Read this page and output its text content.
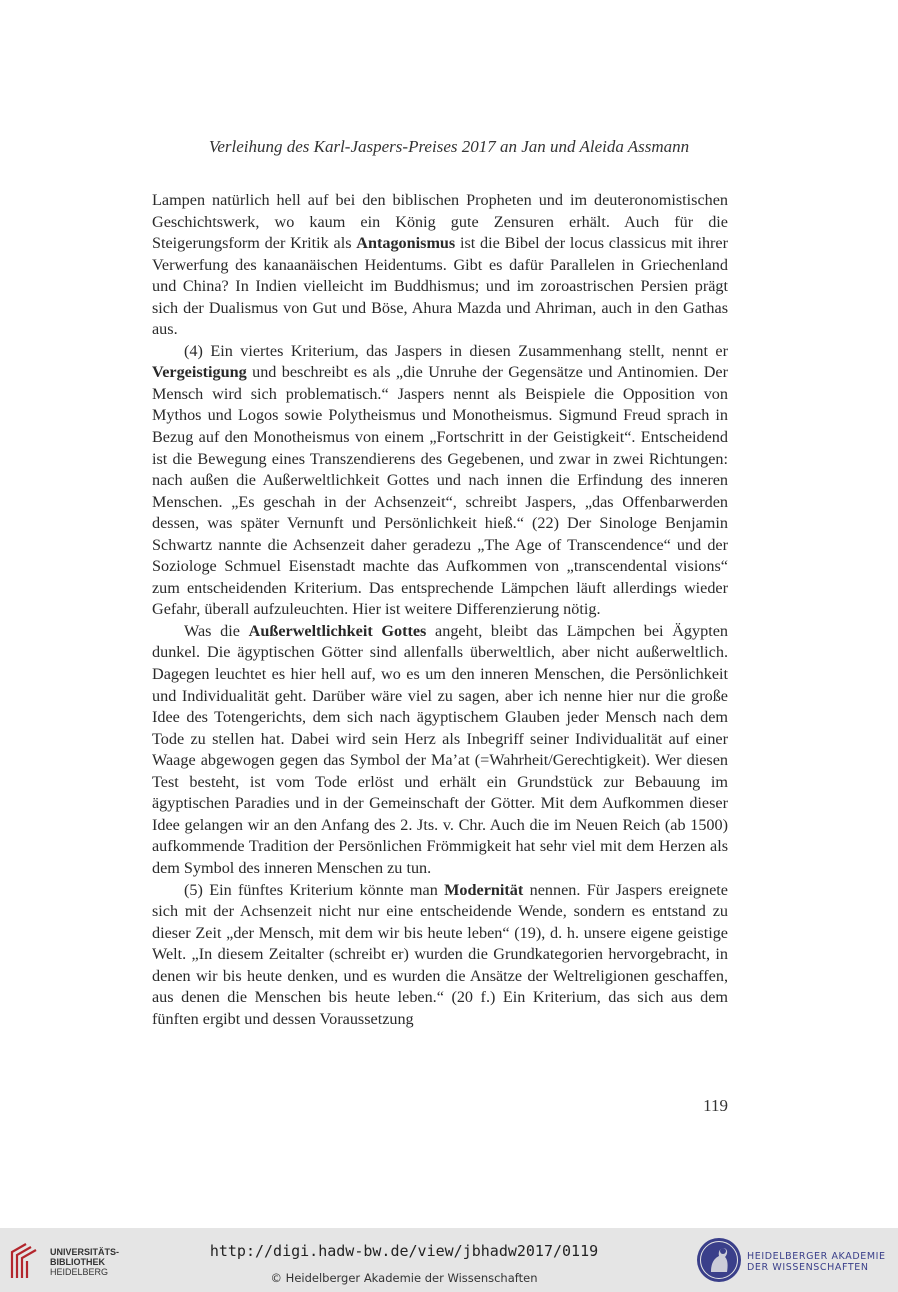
Verleihung des Karl-Jaspers-Preises 2017 an Jan und Aleida Assmann

Lampen natürlich hell auf bei den biblischen Propheten und im deuteronomistischen Geschichtswerk, wo kaum ein König gute Zensuren erhält. Auch für die Steigerungsform der Kritik als Antagonismus ist die Bibel der locus classicus mit ihrer Verwerfung des kanaanäischen Heidentums. Gibt es dafür Parallelen in Griechenland und China? In Indien vielleicht im Buddhismus; und im zoroastrischen Persien prägt sich der Dualismus von Gut und Böse, Ahura Mazda und Ahriman, auch in den Gathas aus.

(4) Ein viertes Kriterium, das Jaspers in diesen Zusammenhang stellt, nennt er Vergeistigung und beschreibt es als „die Unruhe der Gegensätze und Antinomien. Der Mensch wird sich problematisch.“ Jaspers nennt als Beispiele die Opposition von Mythos und Logos sowie Polytheismus und Monotheismus. Sigmund Freud sprach in Bezug auf den Monotheismus von einem „Fortschritt in der Geistigkeit“. Entscheidend ist die Bewegung eines Transzendierens des Gegebenen, und zwar in zwei Richtungen: nach außen die Außerweltlichkeit Gottes und nach innen die Erfindung des inneren Menschen. „Es geschah in der Achsenzeit“, schreibt Jaspers, „das Offenbarwerden dessen, was später Vernunft und Persönlichkeit hieß.“ (22) Der Sinologe Benjamin Schwartz nannte die Achsenzeit daher geradezu „The Age of Transcendence“ und der Soziologe Schmuel Eisenstadt machte das Aufkommen von „transcendental visions“ zum entscheidenden Kriterium. Das entsprechende Lämpchen läuft allerdings wieder Gefahr, überall aufzuleuchten. Hier ist weitere Differenzierung nötig.

Was die Außerweltlichkeit Gottes angeht, bleibt das Lämpchen bei Ägypten dunkel. Die ägyptischen Götter sind allenfalls überweltlich, aber nicht außerweltlich. Dagegen leuchtet es hier hell auf, wo es um den inneren Menschen, die Persönlichkeit und Individualität geht. Darüber wäre viel zu sagen, aber ich nenne hier nur die große Idee des Totengerichts, dem sich nach ägyptischem Glauben jeder Mensch nach dem Tode zu stellen hat. Dabei wird sein Herz als Inbegriff seiner Individualität auf einer Waage abgewogen gegen das Symbol der Ma’at (=Wahrheit/Gerechtigkeit). Wer diesen Test besteht, ist vom Tode erlöst und erhält ein Grundstück zur Bebauung im ägyptischen Paradies und in der Gemeinschaft der Götter. Mit dem Aufkommen dieser Idee gelangen wir an den Anfang des 2. Jts. v. Chr. Auch die im Neuen Reich (ab 1500) aufkommende Tradition der Persönlichen Frömmigkeit hat sehr viel mit dem Herzen als dem Symbol des inneren Menschen zu tun.

(5) Ein fünftes Kriterium könnte man Modernität nennen. Für Jaspers ereignete sich mit der Achsenzeit nicht nur eine entscheidende Wende, sondern es entstand zu dieser Zeit „der Mensch, mit dem wir bis heute leben“ (19), d. h. unsere eigene geistige Welt. „In diesem Zeitalter (schreibt er) wurden die Grundkategorien hervorgebracht, in denen wir bis heute denken, und es wurden die Ansätze der Weltreligionen geschaffen, aus denen die Menschen bis heute leben.“ (20 f.) Ein Kriterium, das sich aus dem fünften ergibt und dessen Voraussetzung

119
UNIVERSITÄTS-
BIBLIOTHEK
HEIDELBERG
http://digi.hadw-bw.de/view/jbhadw2017/0119
© Heidelberger Akademie der Wissenschaften
HEIDELBERGER AKADEMIE
DER WISSENSCHAFTEN
